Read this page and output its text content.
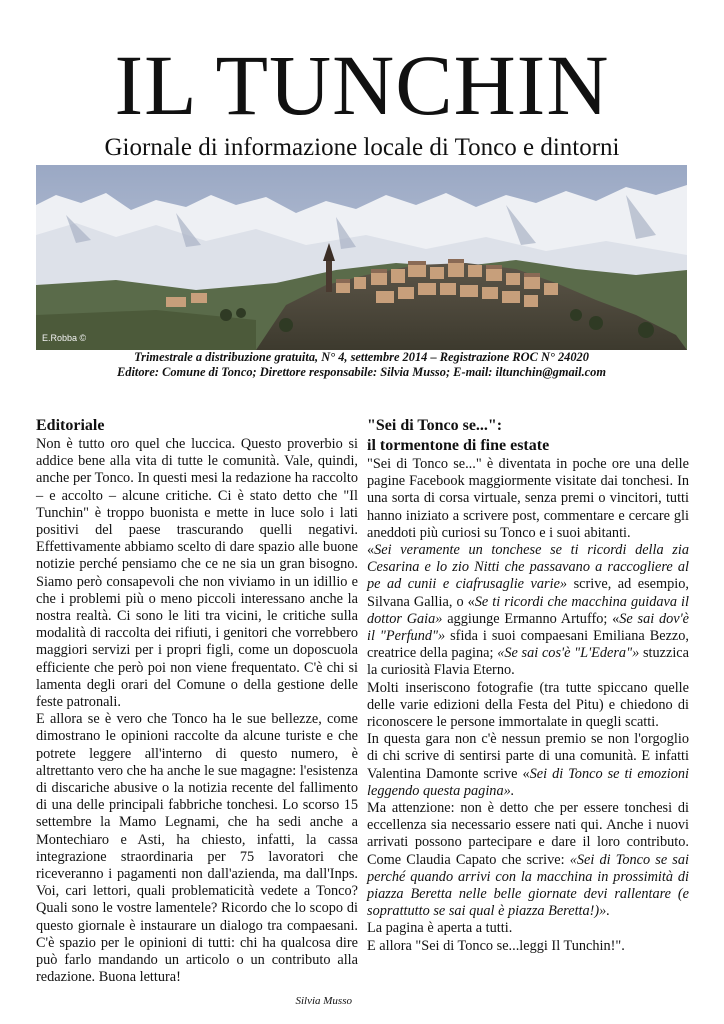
IL TUNCHIN
Giornale di informazione locale di Tonco e dintorni
E.Robba ©
Trimestrale a distribuzione gratuita, N° 4, settembre 2014 – Registrazione ROC N° 24020
Editore: Comune di Tonco; Direttore responsabile: Silvia Musso; E-mail: iltunchin@gmail.com
Editoriale

Non è tutto oro quel che luccica. Questo proverbio si addice bene alla vita di tutte le comunità. Vale, quindi, anche per Tonco. In questi mesi la redazione ha raccolto – e accolto – alcune critiche. Ci è stato detto che "Il Tunchin" è troppo buonista e mette in luce solo i lati positivi del paese trascurando quelli negativi. Effettivamente abbiamo scelto di dare spazio alle buone notizie perché pensiamo che ce ne sia un gran bisogno. Siamo però consapevoli che non viviamo in un idillio e che i problemi più o meno piccoli interessano anche la nostra realtà. Ci sono le liti tra vicini, le critiche sulla modalità di raccolta dei rifiuti, i genitori che vorrebbero maggiori servizi per i propri figli, come un doposcuola efficiente che però poi non viene frequentato. C'è chi si lamenta degli orari del Comune o della gestione delle feste patronali.

E allora se è vero che Tonco ha le sue bellezze, come dimostrano le opinioni raccolte da alcune turiste e che potrete leggere all'interno di questo numero, è altrettanto vero che ha anche le sue magagne: l'esistenza di discariche abusive o la notizia recente del fallimento di una delle principali fabbriche tonchesi. Lo scorso 15 settembre la Mamo Legnami, che ha sedi anche a Montechiaro e Asti, ha chiesto, infatti, la cassa integrazione straordinaria per 75 lavoratori che riceveranno i pagamenti non dall'azienda, ma dall'Inps. Voi, cari lettori, quali problematicità vedete a Tonco? Quali sono le vostre lamentele? Ricordo che lo scopo di questo giornale è instaurare un dialogo tra compaesani. C'è spazio per le opinioni di tutti: chi ha qualcosa dire può farlo mandando un articolo o un contributo alla redazione. Buona lettura!

Silvia Musso
"Sei di Tonco se...":
il tormentone di fine estate

"Sei di Tonco se..." è diventata in poche ore una delle pagine Facebook maggiormente visitate dai tonchesi. In una sorta di corsa virtuale, senza premi o vincitori, tutti hanno iniziato a scrivere post, commentare e cercare gli aneddoti più curiosi su Tonco e i suoi abitanti.

«Sei veramente un tonchese se ti ricordi della zia Cesarina e lo zio Nitti che passavano a raccogliere al pe ad cunii e ciafrusaglie varie» scrive, ad esempio, Silvana Gallia, o «Se ti ricordi che macchina guidava il dottor Gaia» aggiunge Ermanno Artuffo; «Se sai dov'è il "Perfund"» sfida i suoi compaesani Emiliana Bezzo, creatrice della pagina; «Se sai cos'è "L'Edera"» stuzzica la curiosità Flavia Eterno.

Molti inseriscono fotografie (tra tutte spiccano quelle delle varie edizioni della Festa del Pitu) e chiedono di riconoscere le persone immortalate in quegli scatti.

In questa gara non c'è nessun premio se non l'orgoglio di chi scrive di sentirsi parte di una comunità. E infatti Valentina Damonte scrive «Sei di Tonco se ti emozioni leggendo questa pagina».

Ma attenzione: non è detto che per essere tonchesi di eccellenza sia necessario essere nati qui. Anche i nuovi arrivati possono partecipare e dare il loro contributo. Come Claudia Capato che scrive: «Sei di Tonco se sai perché quando arrivi con la macchina in prossimità di piazza Beretta nelle belle giornate devi rallentare (e soprattutto se sai qual è piazza Beretta!)».

La pagina è aperta a tutti.

E allora "Sei di Tonco se...leggi Il Tunchin!".
